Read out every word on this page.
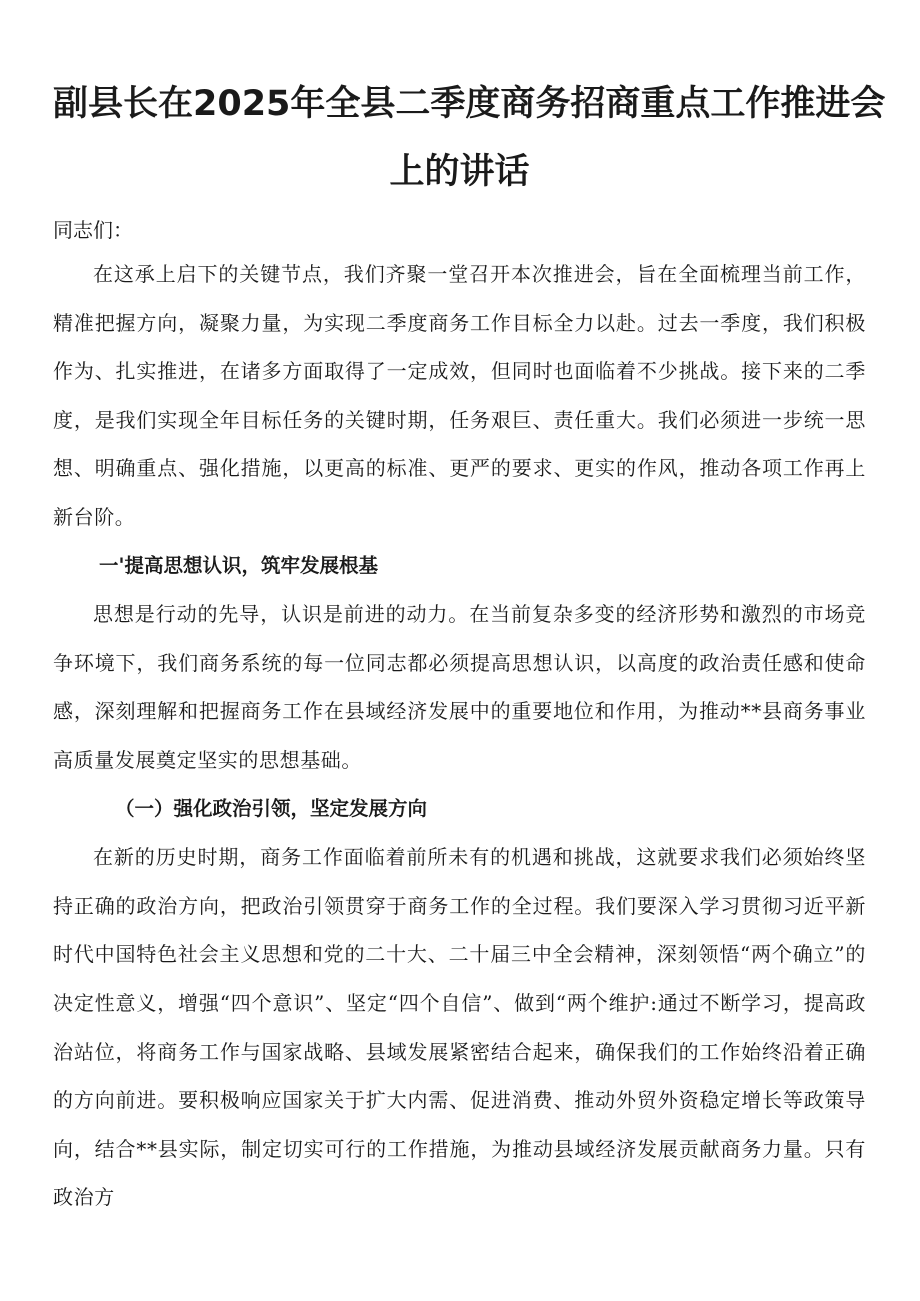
副县长在2025年全县二季度商务招商重点工作推进会
上的讲话
同志们：

在这承上启下的关键节点，我们齐聚一堂召开本次推进会，旨在全面梳理当前工作，精准把握方向，凝聚力量，为实现二季度商务工作目标全力以赴。过去一季度，我们积极作为、扎实推进，在诸多方面取得了一定成效，但同时也面临着不少挑战。接下来的二季度，是我们实现全年目标任务的关键时期，任务艰巨、责任重大。我们必须进一步统一思想、明确重点、强化措施，以更高的标准、更严的要求、更实的作风，推动各项工作再上新台阶。

一'提高思想认识，筑牢发展根基

思想是行动的先导，认识是前进的动力。在当前复杂多变的经济形势和激烈的市场竞争环境下，我们商务系统的每一位同志都必须提高思想认识，以高度的政治责任感和使命感，深刻理解和把握商务工作在县域经济发展中的重要地位和作用，为推动**县商务事业高质量发展奠定坚实的思想基础。

（一）强化政治引领，坚定发展方向

在新的历史时期，商务工作面临着前所未有的机遇和挑战，这就要求我们必须始终坚持正确的政治方向，把政治引领贯穿于商务工作的全过程。我们要深入学习贯彻习近平新时代中国特色社会主义思想和党的二十大、二十届三中全会精神，深刻领悟“两个确立”的决定性意义，增强“四个意识”、坚定“四个自信”、做到“两个维护:通过不断学习，提高政治站位，将商务工作与国家战略、县域发展紧密结合起来，确保我们的工作始终沿着正确的方向前进。要积极响应国家关于扩大内需、促进消费、推动外贸外资稳定增长等政策导向，结合**县实际，制定切实可行的工作措施，为推动县域经济发展贡献商务力量。只有政治方
